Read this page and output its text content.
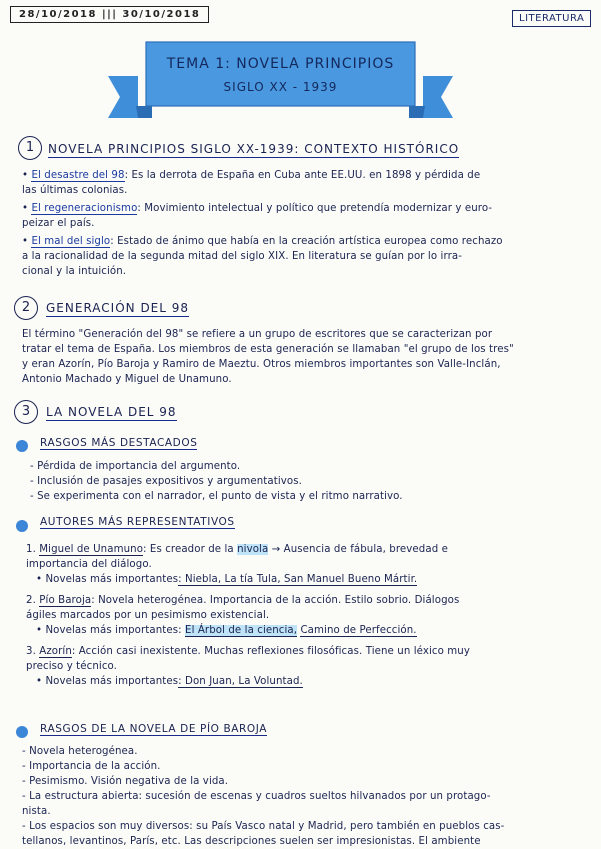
28/10/2018 ||| 30/10/2018	LITERATURA
TEMA 1: NOVELA PRINCIPIOS
SIGLO XX - 1939
1	NOVELA PRINCIPIOS SIGLO XX-1939: CONTEXTO HISTÓRICO

• El desastre del 98: Es la derrota de España en Cuba ante EE.UU. en 1898 y pérdida de

las últimas colonias.

• El regeneracionismo: Movimiento intelectual y político que pretendía modernizar y euro-

peizar el país.

• El mal del siglo: Estado de ánimo que había en la creación artística europea como rechazo

a la racionalidad de la segunda mitad del siglo XIX. En literatura se guían por lo irra-

cional y la intuición.

2	GENERACIÓN DEL 98

El término "Generación del 98" se refiere a un grupo de escritores que se caracterizan por

tratar el tema de España. Los miembros de esta generación se llamaban "el grupo de los tres"

y eran Azorín, Pío Baroja y Ramiro de Maeztu. Otros miembros importantes son Valle-Inclán,

Antonio Machado y Miguel de Unamuno.

3	LA NOVELA DEL 98
RASGOS MÁS DESTACADOS

- Pérdida de importancia del argumento.

- Inclusión de pasajes expositivos y argumentativos.

- Se experimenta con el narrador, el punto de vista y el ritmo narrativo.

AUTORES MÁS REPRESENTATIVOS

1. Miguel de Unamuno: Es creador de la nivola → Ausencia de fábula, brevedad e

importancia del diálogo.

• Novelas más importantes: Niebla, La tía Tula, San Manuel Bueno Mártir.

2. Pío Baroja: Novela heterogénea. Importancia de la acción. Estilo sobrio. Diálogos

ágiles marcados por un pesimismo existencial.

• Novelas más importantes: El Árbol de la ciencia, Camino de Perfección.

3. Azorín: Acción casi inexistente. Muchas reflexiones filosóficas. Tiene un léxico muy

preciso y técnico.

• Novelas más importantes: Don Juan, La Voluntad.

RASGOS DE LA NOVELA DE PÍO BAROJA

- Novela heterogénea.

- Importancia de la acción.

- Pesimismo. Visión negativa de la vida.

- La estructura abierta: sucesión de escenas y cuadros sueltos hilvanados por un protago-

nista.

- Los espacios son muy diversos: su País Vasco natal y Madrid, pero también en pueblos cas-

tellanos, levantinos, París, etc. Las descripciones suelen ser impresionistas. El ambiente
